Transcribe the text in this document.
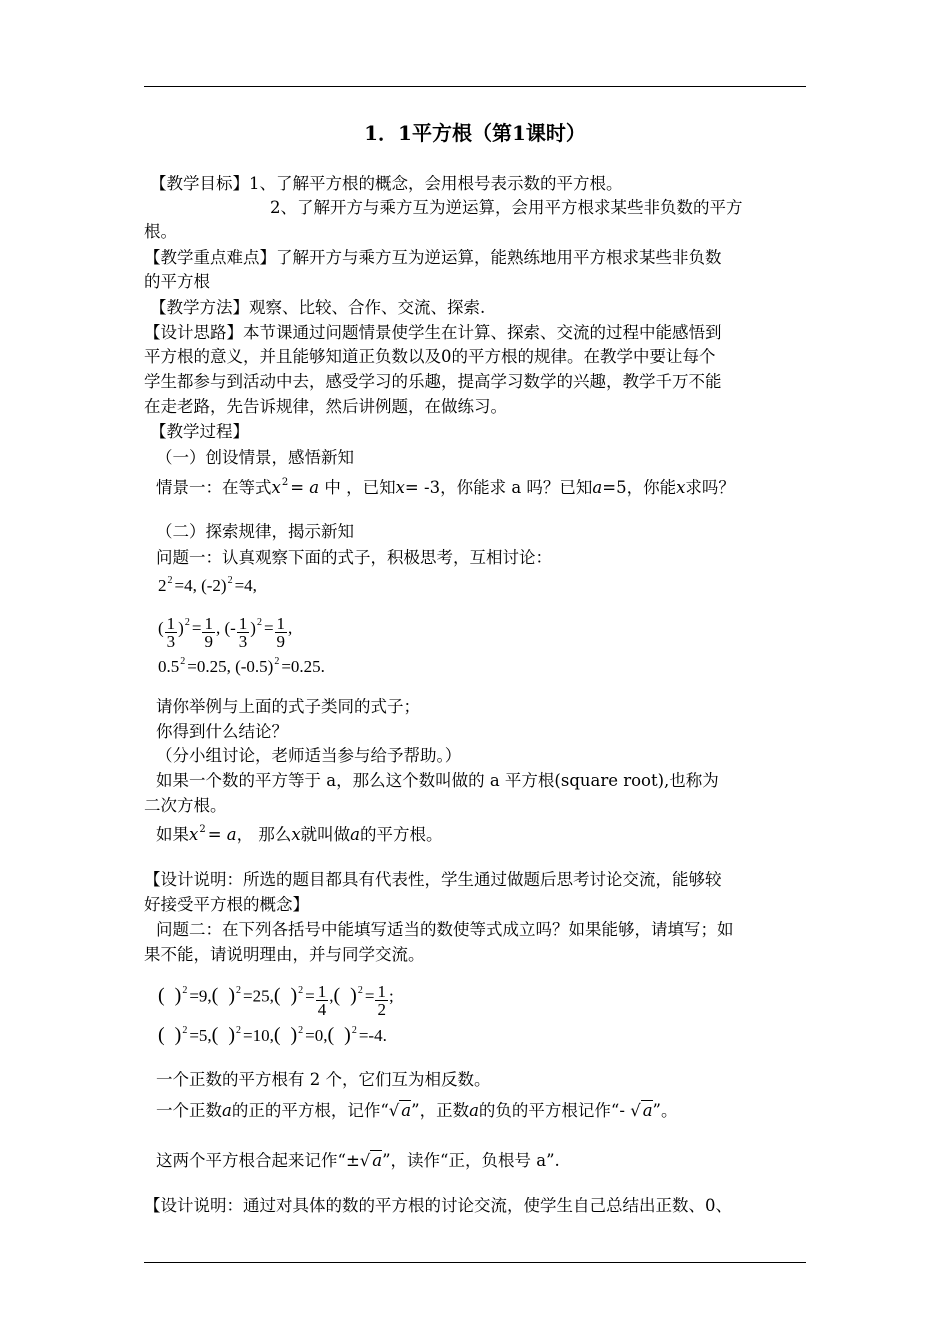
1．1平方根（第1课时）
【教学目标】1、了解平方根的概念，会用根号表示数的平方根。
2、了解开方与乘方互为逆运算，会用平方根求某些非负数的平方
根。
【教学重点难点】了解开方与乘方互为逆运算，能熟练地用平方根求某些非负数
的平方根
【教学方法】观察、比较、合作、交流、探索.
【设计思路】本节课通过问题情景使学生在计算、探索、交流的过程中能感悟到
平方根的意义，并且能够知道正负数以及0的平方根的规律。在教学中要让每个
学生都参与到活动中去，感受学习的乐趣，提高学习数学的兴趣，教学千万不能
在走老路，先告诉规律，然后讲例题，在做练习。
【教学过程】
（一）创设情景，感悟新知
情景一：在等式$x^2 = a$ 中 ，已知x= -3，你能求 a 吗？已知a=5，你能x求吗？
（二）探索规律，揭示新知
问题一：认真观察下面的式子，积极思考，互相讨论：
$2^2 =4$, $(-2)^2 =4$,
( $\frac{1}{3} )^2 = \frac{1}{9}$ , (- $\frac{1}{3} )^2 = \frac{1}{9}$ ,
$0.5^2 =0.25$, $(-0.5)^2 =0.25$.
请你举例与上面的式子类同的式子；
你得到什么结论？
（分小组讨论，老师适当参与给予帮助。）
如果一个数的平方等于 a，那么这个数叫做的 a 平方根(square root),也称为
二次方根。
如果$x^2 = a$， 那么x就叫做a的平方根。
【设计说明：所选的题目都具有代表性，学生通过做题后思考讨论交流，能够较
好接受平方根的概念】
问题二：在下列各括号中能填写适当的数使等式成立吗？如果能够，请填写；如
果不能，请说明理由，并与同学交流。
(  )$^2$ =9,(  )$^2$ =25,(  )$^2 = \frac{1}{4}$ ,(  )$^2 = \frac{1}{2}$ ;
(  )$^2$ =5,(  )$^2$ =10,(  )$^2$ =0,(  )$^2$ =-4.
一个正数的平方根有 2 个，它们互为相反数。
一个正数a的正的平方根，记作“√ a”，正数a的负的平方根记作“- √ a”。
这两个平方根合起来记作“±√ a”，读作“正，负根号 a”.
【设计说明：通过对具体的数的平方根的讨论交流，使学生自己总结出正数、0、
